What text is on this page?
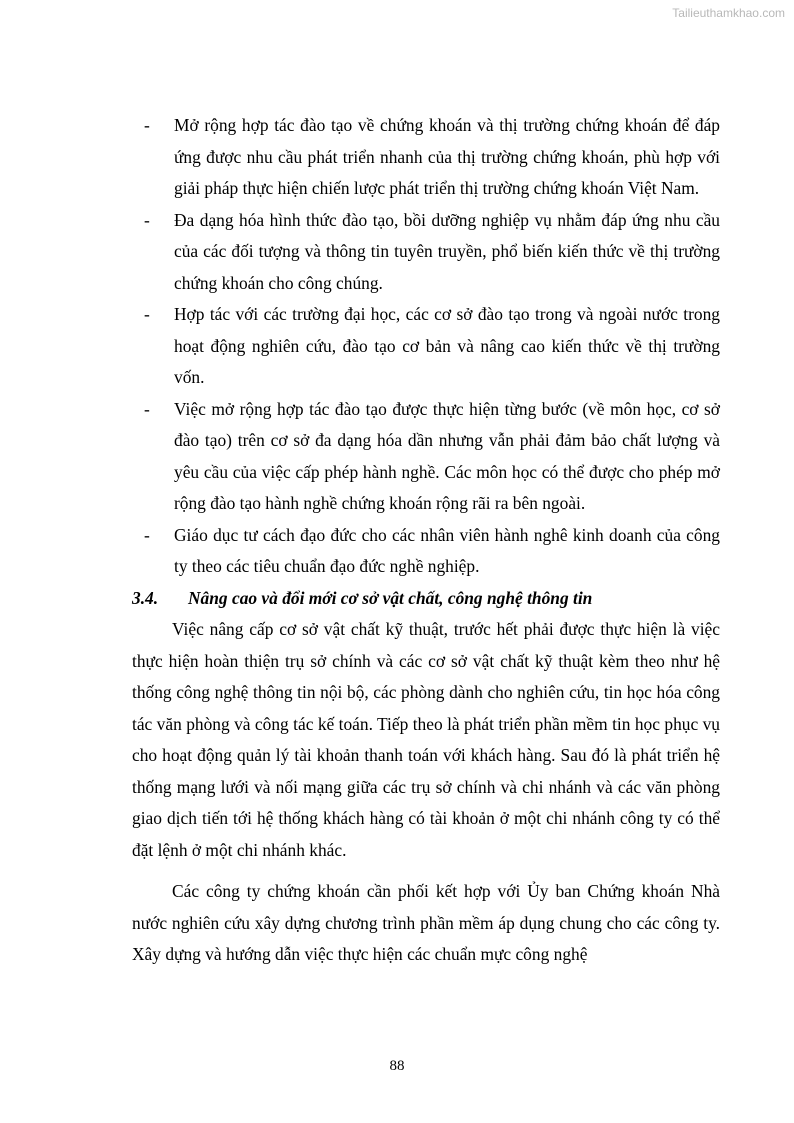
Tailieuthamkhao.com
- Mở rộng hợp tác đào tạo về chứng khoán và thị trường chứng khoán để đáp ứng được nhu cầu phát triển nhanh của thị trường chứng khoán, phù hợp với giải pháp thực hiện chiến lược phát triển thị trường chứng khoán Việt Nam.
- Đa dạng hóa hình thức đào tạo, bồi dưỡng nghiệp vụ nhằm đáp ứng nhu cầu của các đối tượng và thông tin tuyên truyền, phổ biến kiến thức về thị trường chứng khoán cho công chúng.
- Hợp tác với các trường đại học, các cơ sở đào tạo trong và ngoài nước trong hoạt động nghiên cứu, đào tạo cơ bản và nâng cao kiến thức về thị trường vốn.
- Việc mở rộng hợp tác đào tạo được thực hiện từng bước (về môn học, cơ sở đào tạo) trên cơ sở đa dạng hóa dần nhưng vẫn phải đảm bảo chất lượng và yêu cầu của việc cấp phép hành nghề. Các môn học có thể được cho phép mở rộng đào tạo hành nghề chứng khoán rộng rãi ra bên ngoài.
- Giáo dục tư cách đạo đức cho các nhân viên hành nghê kinh doanh của công ty theo các tiêu chuẩn đạo đức nghề nghiệp.
3.4. Nâng cao và đổi mới cơ sở vật chất, công nghệ thông tin

Việc nâng cấp cơ sở vật chất kỹ thuật, trước hết phải được thực hiện là việc thực hiện hoàn thiện trụ sở chính và các cơ sở vật chất kỹ thuật kèm theo như hệ thống công nghệ thông tin nội bộ, các phòng dành cho nghiên cứu, tin học hóa công tác văn phòng và công tác kế toán. Tiếp theo là phát triển phần mềm tin học phục vụ cho hoạt động quản lý tài khoản thanh toán với khách hàng. Sau đó là phát triển hệ thống mạng lưới và nối mạng giữa các trụ sở chính và chi nhánh và các văn phòng giao dịch tiến tới hệ thống khách hàng có tài khoản ở một chi nhánh công ty có thể đặt lệnh ở một chi nhánh khác.

Các công ty chứng khoán cần phối kết hợp với Ủy ban Chứng khoán Nhà nước nghiên cứu xây dựng chương trình phần mềm áp dụng chung cho các công ty. Xây dựng và hướng dẫn việc thực hiện các chuẩn mực công nghệ

88
